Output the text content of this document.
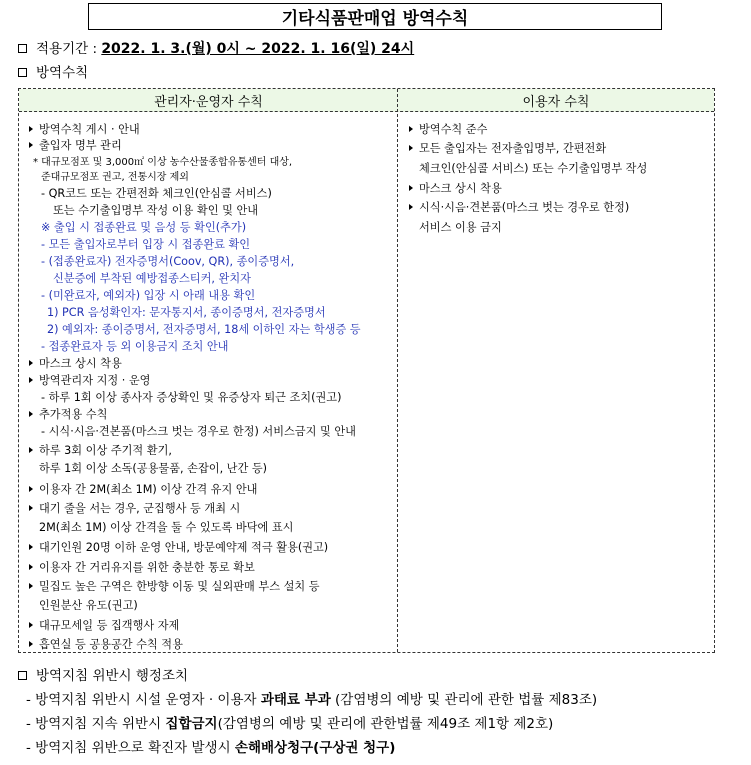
기타식품판매업 방역수칙
적용기간 : 2022. 1. 3.(월) 0시 ~ 2022. 1. 16(일) 24시
방역수칙
관리자·운영자 수칙	이용자 수칙
방역수칙 게시 · 안내
출입자 명부 관리
* 대규모점포 및 3,000㎡ 이상 농수산물종합유통센터 대상,
준대규모점포 권고, 전통시장 제외
- QR코드 또는 간편전화 체크인(안심콜 서비스)
또는 수기출입명부 작성 이용 확인 및 안내
※ 출입 시 접종완료 및 음성 등 확인(추가)
- 모든 출입자로부터 입장 시 접종완료 확인
- (접종완료자) 전자증명서(Coov, QR), 종이증명서,
신분증에 부착된 예방접종스티커, 완치자
- (미완료자, 예외자) 입장 시 아래 내용 확인
1) PCR 음성확인자: 문자통지서, 종이증명서, 전자증명서
2) 예외자: 종이증명서, 전자증명서, 18세 이하인 자는 학생증 등
- 접종완료자 등 외 이용금지 조치 안내
마스크 상시 착용
방역관리자 지정 · 운영
- 하루 1회 이상 종사자 증상확인 및 유증상자 퇴근 조치(권고)
추가적용 수칙
- 시식·시음·견본품(마스크 벗는 경우로 한정) 서비스금지 및 안내
하루 3회 이상 주기적 환기,
하루 1회 이상 소독(공용물품, 손잡이, 난간 등)
이용자 간 2M(최소 1M) 이상 간격 유지 안내
대기 줄을 서는 경우, 군집행사 등 개최 시
2M(최소 1M) 이상 간격을 둘 수 있도록 바닥에 표시
대기인원 20명 이하 운영 안내, 방문예약제 적극 활용(권고)
이용자 간 거리유지를 위한 충분한 통로 확보
밀집도 높은 구역은 한방향 이동 및 실외판매 부스 설치 등
인원분산 유도(권고)
대규모세일 등 집객행사 자제
흡연실 등 공용공간 수칙 적용
방역수칙 준수
모든 출입자는 전자출입명부, 간편전화
체크인(안심콜 서비스) 또는 수기출입명부 작성
마스크 상시 착용
시식·시음·견본품(마스크 벗는 경우로 한정)
서비스 이용 금지
방역지침 위반시 행정조치
- 방역지침 위반시 시설 운영자 · 이용자 과태료 부과 (감염병의 예방 및 관리에 관한 법률 제83조)
- 방역지침 지속 위반시 집합금지(감염병의 예방 및 관리에 관한법률 제49조 제1항 제2호)
- 방역지침 위반으로 확진자 발생시 손해배상청구(구상권 청구)
